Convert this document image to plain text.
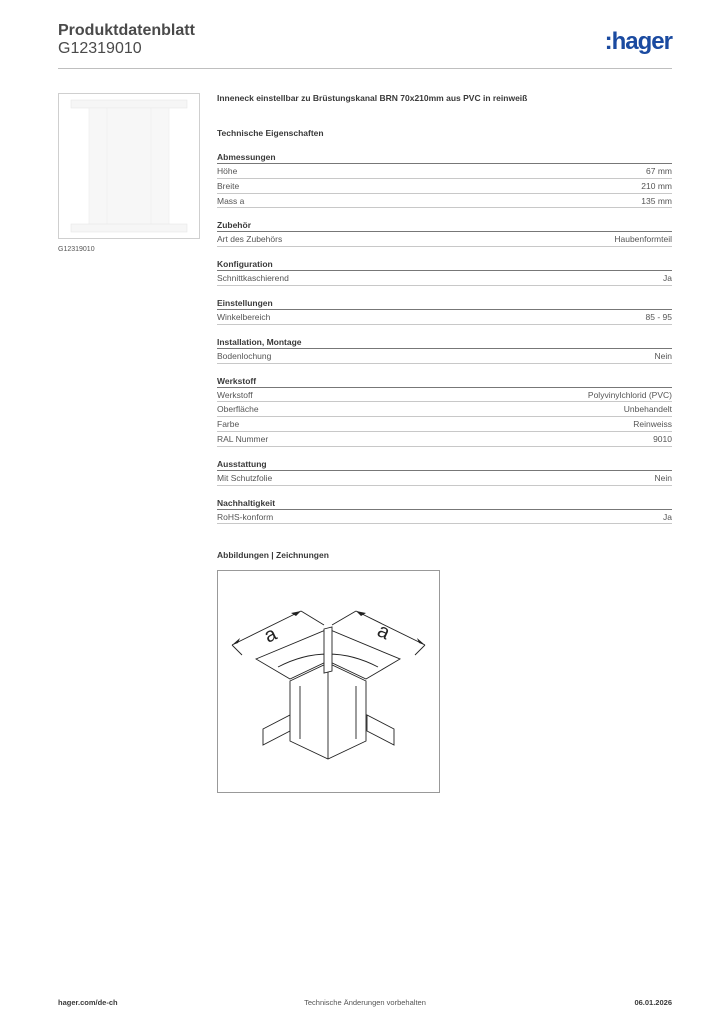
Produktdatenblatt
G12319010	:hager
G12319010
Inneneck einstellbar zu Brüstungskanal BRN 70x210mm aus PVC in reinweiß
Technische Eigenschaften
Abmessungen
Höhe	67 mm
Breite	210 mm
Mass a	135 mm
Zubehör
Art des Zubehörs	Haubenformteil
Konfiguration
Schnittkaschierend	Ja
Einstellungen
Winkelbereich	85 - 95
Installation, Montage
Bodenlochung	Nein
Werkstoff
Werkstoff	Polyvinylchlorid (PVC)
Oberfläche	Unbehandelt
Farbe	Reinweiss
RAL Nummer	9010
Ausstattung
Mit Schutzfolie	Nein
Nachhaltigkeit
RoHS-konform	Ja
Abbildungen | Zeichnungen
a	a
hager.com/de-ch	Technische Änderungen vorbehalten	06.01.2026
